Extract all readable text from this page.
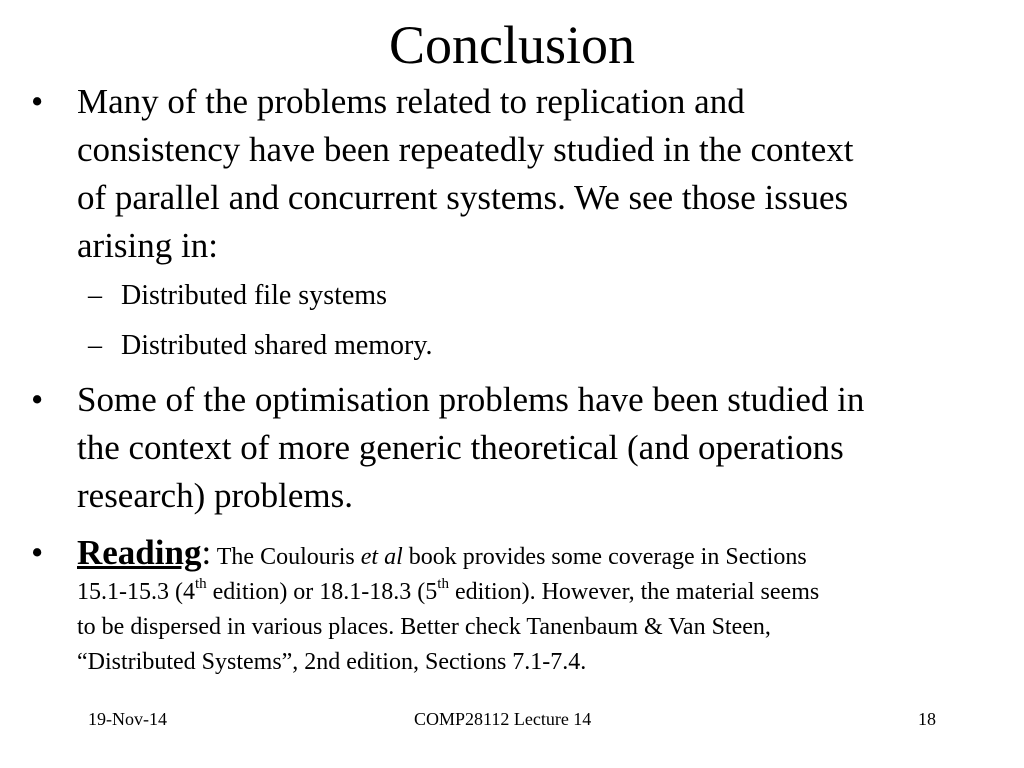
Conclusion
• Many of the problems related to replication and
consistency have been repeatedly studied in the context
of parallel and concurrent systems. We see those issues
arising in:
– Distributed file systems
– Distributed shared memory.
• Some of the optimisation problems have been studied in
the context of more generic theoretical (and operations
research) problems.
• Reading: The Coulouris et al book provides some coverage in Sections
15.1-15.3 (4th edition) or 18.1-18.3 (5th edition). However, the material seems
to be dispersed in various places. Better check Tanenbaum & Van Steen,
“Distributed Systems”, 2nd edition, Sections 7.1-7.4.
19-Nov-14	COMP28112 Lecture 14	18
